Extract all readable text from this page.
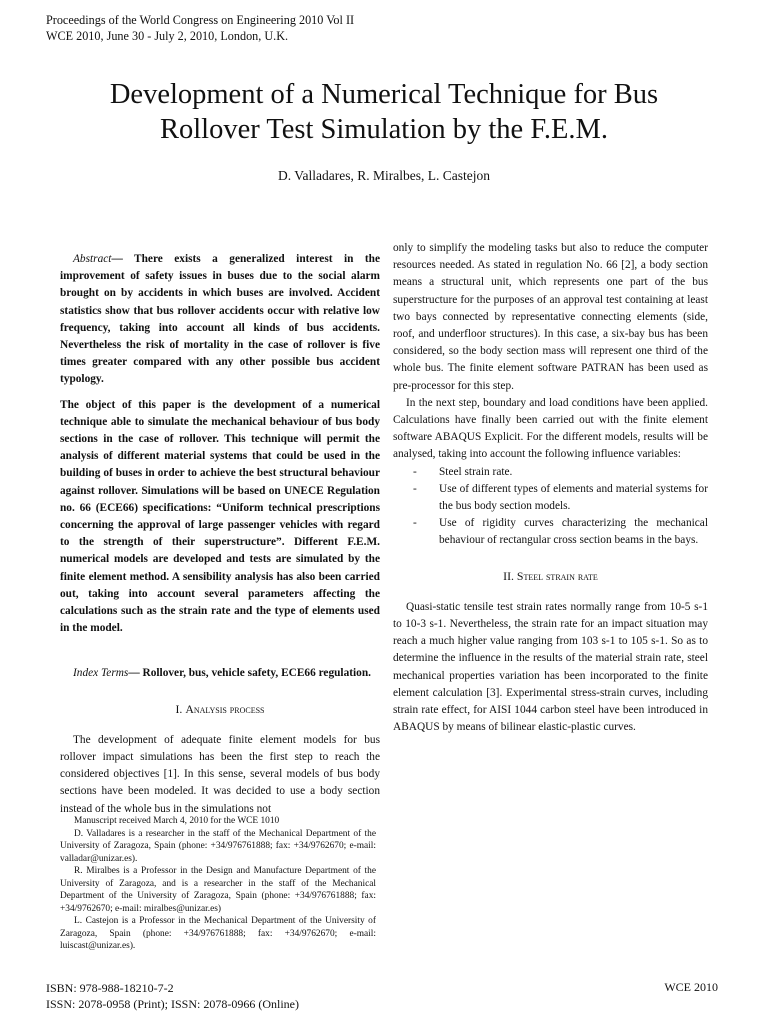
Proceedings of the World Congress on Engineering 2010 Vol II
WCE 2010, June 30 - July 2, 2010, London, U.K.
Development of a Numerical Technique for Bus
Rollover Test Simulation by the F.E.M.
D. Valladares, R. Miralbes, L. Castejon

Abstract— There exists a generalized interest in the improvement of safety issues in buses due to the social alarm brought on by accidents in which buses are involved. Accident statistics show that bus rollover accidents occur with relative low frequency, taking into account all kinds of bus accidents. Nevertheless the risk of mortality in the case of rollover is five times greater compared with any other possible bus accident typology.

The object of this paper is the development of a numerical technique able to simulate the mechanical behaviour of bus body sections in the case of rollover. This technique will permit the analysis of different material systems that could be used in the building of buses in order to achieve the best structural behaviour against rollover. Simulations will be based on UNECE Regulation no. 66 (ECE66) specifications: “Uniform technical prescriptions concerning the approval of large passenger vehicles with regard to the strength of their superstructure”. Different F.E.M. numerical models are developed and tests are simulated by the finite element method. A sensibility analysis has also been carried out, taking into account several parameters affecting the calculations such as the strain rate and the type of elements used in the model.

Index Terms— Rollover, bus, vehicle safety, ECE66 regulation.

I. Analysis process

The development of adequate finite element models for bus rollover impact simulations has been the first step to reach the considered objectives [1]. In this sense, several models of bus body sections have been modeled. It was decided to use a body section instead of the whole bus in the simulations not

only to simplify the modeling tasks but also to reduce the computer resources needed. As stated in regulation No. 66 [2], a body section means a structural unit, which represents one part of the bus superstructure for the purposes of an approval test containing at least two bays connected by representative connecting elements (side, roof, and underfloor structures). In this case, a six-bay bus has been considered, so the body section mass will represent one third of the whole bus. The finite element software PATRAN has been used as pre-processor for this step.

In the next step, boundary and load conditions have been applied. Calculations have finally been carried out with the finite element software ABAQUS Explicit. For the different models, results will be analysed, taking into account the following influence variables:

- Steel strain rate.
- Use of different types of elements and material systems for the bus body section models.
- Use of rigidity curves characterizing the mechanical behaviour of rectangular cross section beams in the bays.

II. Steel strain rate

Quasi-static tensile test strain rates normally range from 10-5 s-1 to 10-3 s-1. Nevertheless, the strain rate for an impact situation may reach a much higher value ranging from 103 s-1 to 105 s-1. So as to determine the influence in the results of the material strain rate, steel mechanical properties variation has been incorporated to the finite element calculation [3]. Experimental stress-strain curves, including strain rate effect, for AISI 1044 carbon steel have been introduced in ABAQUS by means of bilinear elastic-plastic curves.

Manuscript received March 4, 2010 for the WCE 1010

D. Valladares is a researcher in the staff of the Mechanical Department of the University of Zaragoza, Spain (phone: +34/976761888; fax: +34/9762670; e-mail: valladar@unizar.es).

R. Miralbes is a Professor in the Design and Manufacture Department of the University of Zaragoza, and is a researcher in the staff of the Mechanical Department of the University of Zaragoza, Spain (phone: +34/976761888; fax: +34/9762670; e-mail: miralbes@unizar.es)

L. Castejon is a Professor in the Mechanical Department of the University of Zaragoza, Spain (phone: +34/976761888; fax: +34/9762670; e-mail: luiscast@unizar.es).

ISBN: 978-988-18210-7-2
ISSN: 2078-0958 (Print); ISSN: 2078-0966 (Online)
WCE 2010
